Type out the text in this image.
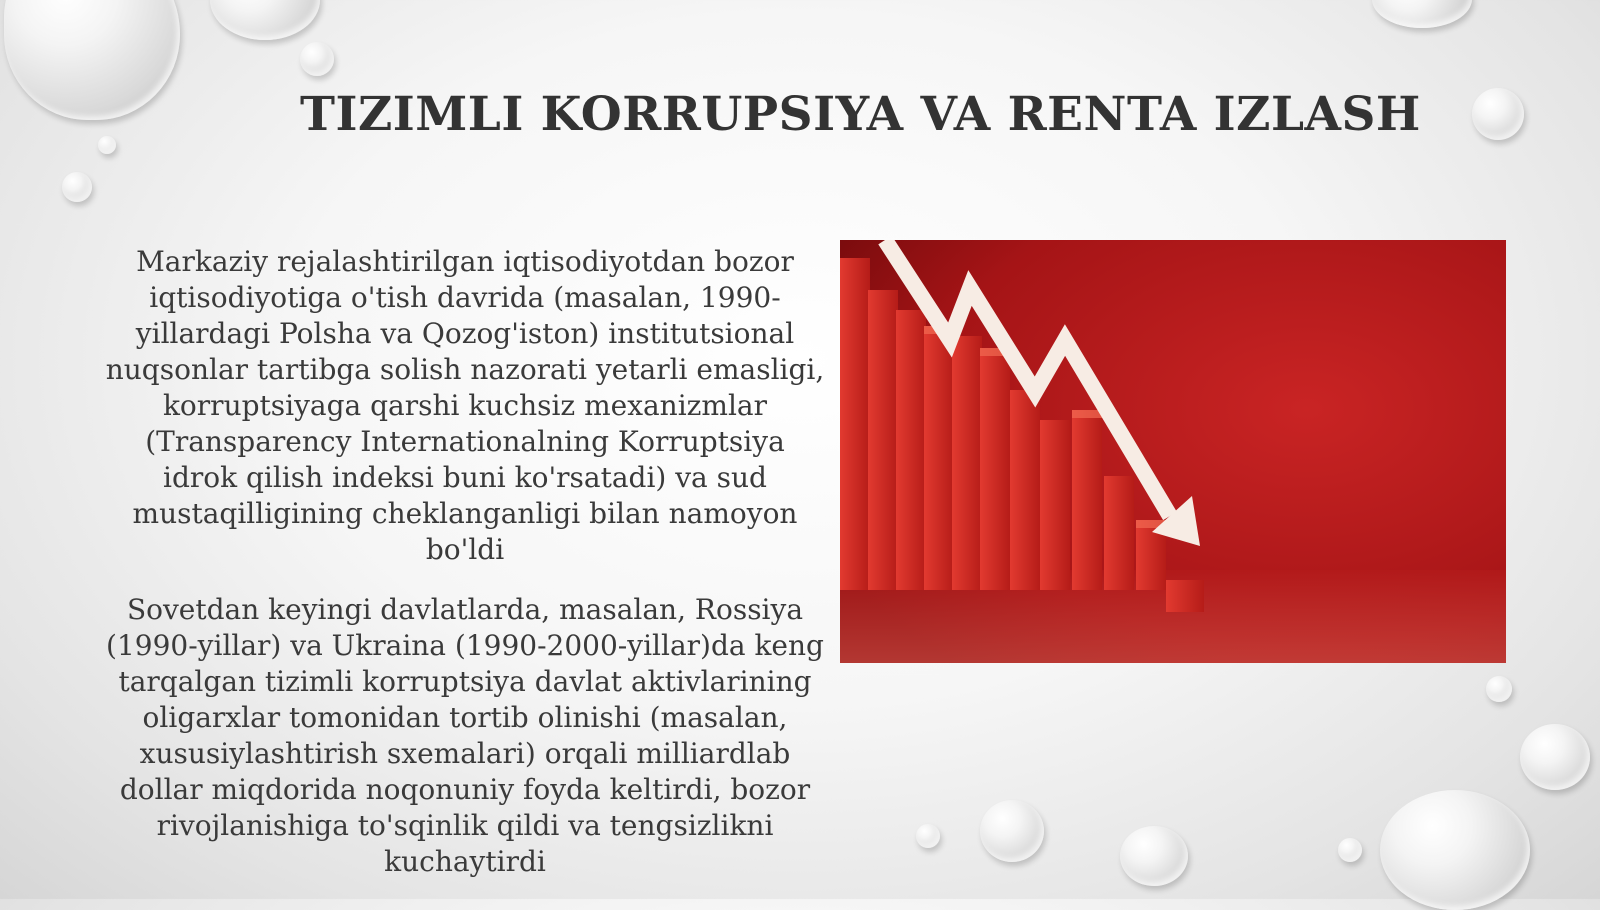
TIZIMLI KORRUPSIYA VA RENTA IZLASH

Markaziy rejalashtirilgan iqtisodiyotdan bozor iqtisodiyotiga o'tish davrida (masalan, 1990-yillardagi Polsha va Qozog'iston) institutsional nuqsonlar tartibga solish nazorati yetarli emasligi, korruptsiyaga qarshi kuchsiz mexanizmlar (Transparency Internationalning Korruptsiya idrok qilish indeksi buni ko'rsatadi) va sud mustaqilligining cheklanganligi bilan namoyon bo'ldi

Sovetdan keyingi davlatlarda, masalan, Rossiya (1990-yillar) va Ukraina (1990-2000-yillar)da keng tarqalgan tizimli korruptsiya davlat aktivlarining oligarxlar tomonidan tortib olinishi (masalan, xususiylashtirish sxemalari) orqali milliardlab dollar miqdorida noqonuniy foyda keltirdi, bozor rivojlanishiga to'sqinlik qildi va tengsizlikni kuchaytirdi
